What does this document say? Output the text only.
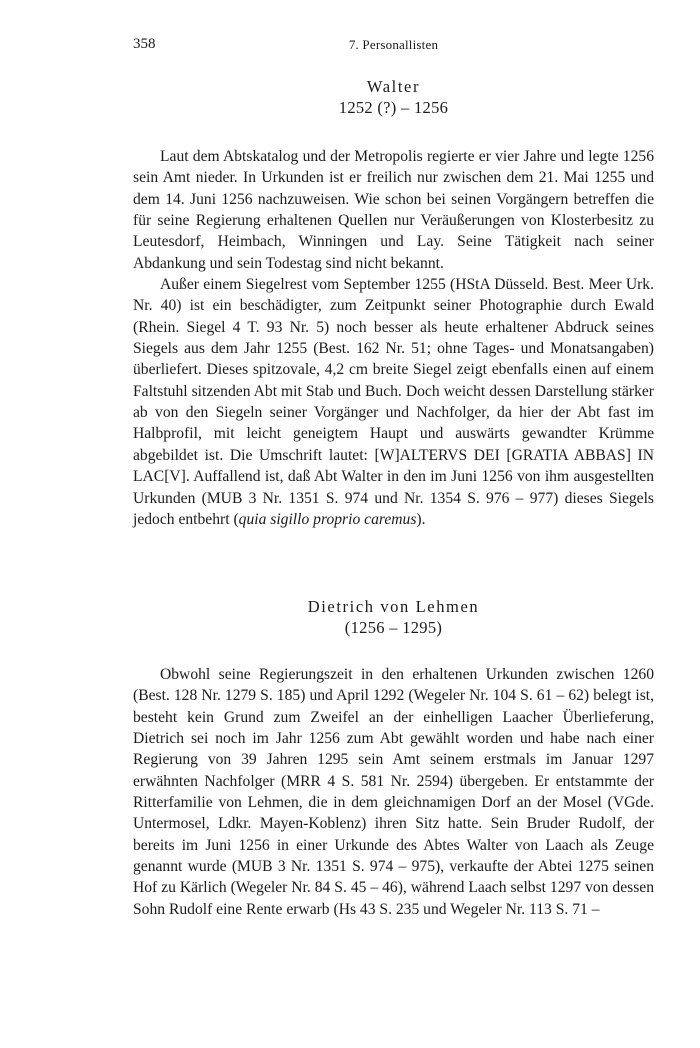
358	7. Personallisten
Walter
1252 (?) – 1256

Laut dem Abtskatalog und der Metropolis regierte er vier Jahre und legte 1256 sein Amt nieder. In Urkunden ist er freilich nur zwischen dem 21. Mai 1255 und dem 14. Juni 1256 nachzuweisen. Wie schon bei seinen Vorgängern betreffen die für seine Regierung erhaltenen Quellen nur Veräußerungen von Klosterbesitz zu Leutesdorf, Heimbach, Winningen und Lay. Seine Tätigkeit nach seiner Abdankung und sein Todestag sind nicht bekannt.

Außer einem Siegelrest vom September 1255 (HStA Düsseld. Best. Meer Urk. Nr. 40) ist ein beschädigter, zum Zeitpunkt seiner Photographie durch Ewald (Rhein. Siegel 4 T. 93 Nr. 5) noch besser als heute erhaltener Abdruck seines Siegels aus dem Jahr 1255 (Best. 162 Nr. 51; ohne Tages- und Monatsangaben) überliefert. Dieses spitzovale, 4,2 cm breite Siegel zeigt ebenfalls einen auf einem Faltstuhl sitzenden Abt mit Stab und Buch. Doch weicht dessen Darstellung stärker ab von den Siegeln seiner Vorgänger und Nachfolger, da hier der Abt fast im Halbprofil, mit leicht geneigtem Haupt und auswärts gewandter Krümme abgebildet ist. Die Umschrift lautet: [W]ALTERVS DEI [GRATIA ABBAS] IN LAC[V]. Auffallend ist, daß Abt Walter in den im Juni 1256 von ihm ausgestellten Urkunden (MUB 3 Nr. 1351 S. 974 und Nr. 1354 S. 976 – 977) dieses Siegels jedoch entbehrt (quia sigillo proprio caremus).

Dietrich von Lehmen
(1256 – 1295)

Obwohl seine Regierungszeit in den erhaltenen Urkunden zwischen 1260 (Best. 128 Nr. 1279 S. 185) und April 1292 (Wegeler Nr. 104 S. 61 – 62) belegt ist, besteht kein Grund zum Zweifel an der einhelligen Laacher Überlieferung, Dietrich sei noch im Jahr 1256 zum Abt gewählt worden und habe nach einer Regierung von 39 Jahren 1295 sein Amt seinem erstmals im Januar 1297 erwähnten Nachfolger (MRR 4 S. 581 Nr. 2594) übergeben. Er entstammte der Ritterfamilie von Lehmen, die in dem gleichnamigen Dorf an der Mosel (VGde. Untermosel, Ldkr. Mayen-Koblenz) ihren Sitz hatte. Sein Bruder Rudolf, der bereits im Juni 1256 in einer Urkunde des Abtes Walter von Laach als Zeuge genannt wurde (MUB 3 Nr. 1351 S. 974 – 975), verkaufte der Abtei 1275 seinen Hof zu Kärlich (Wegeler Nr. 84 S. 45 – 46), während Laach selbst 1297 von dessen Sohn Rudolf eine Rente erwarb (Hs 43 S. 235 und Wegeler Nr. 113 S. 71 –
